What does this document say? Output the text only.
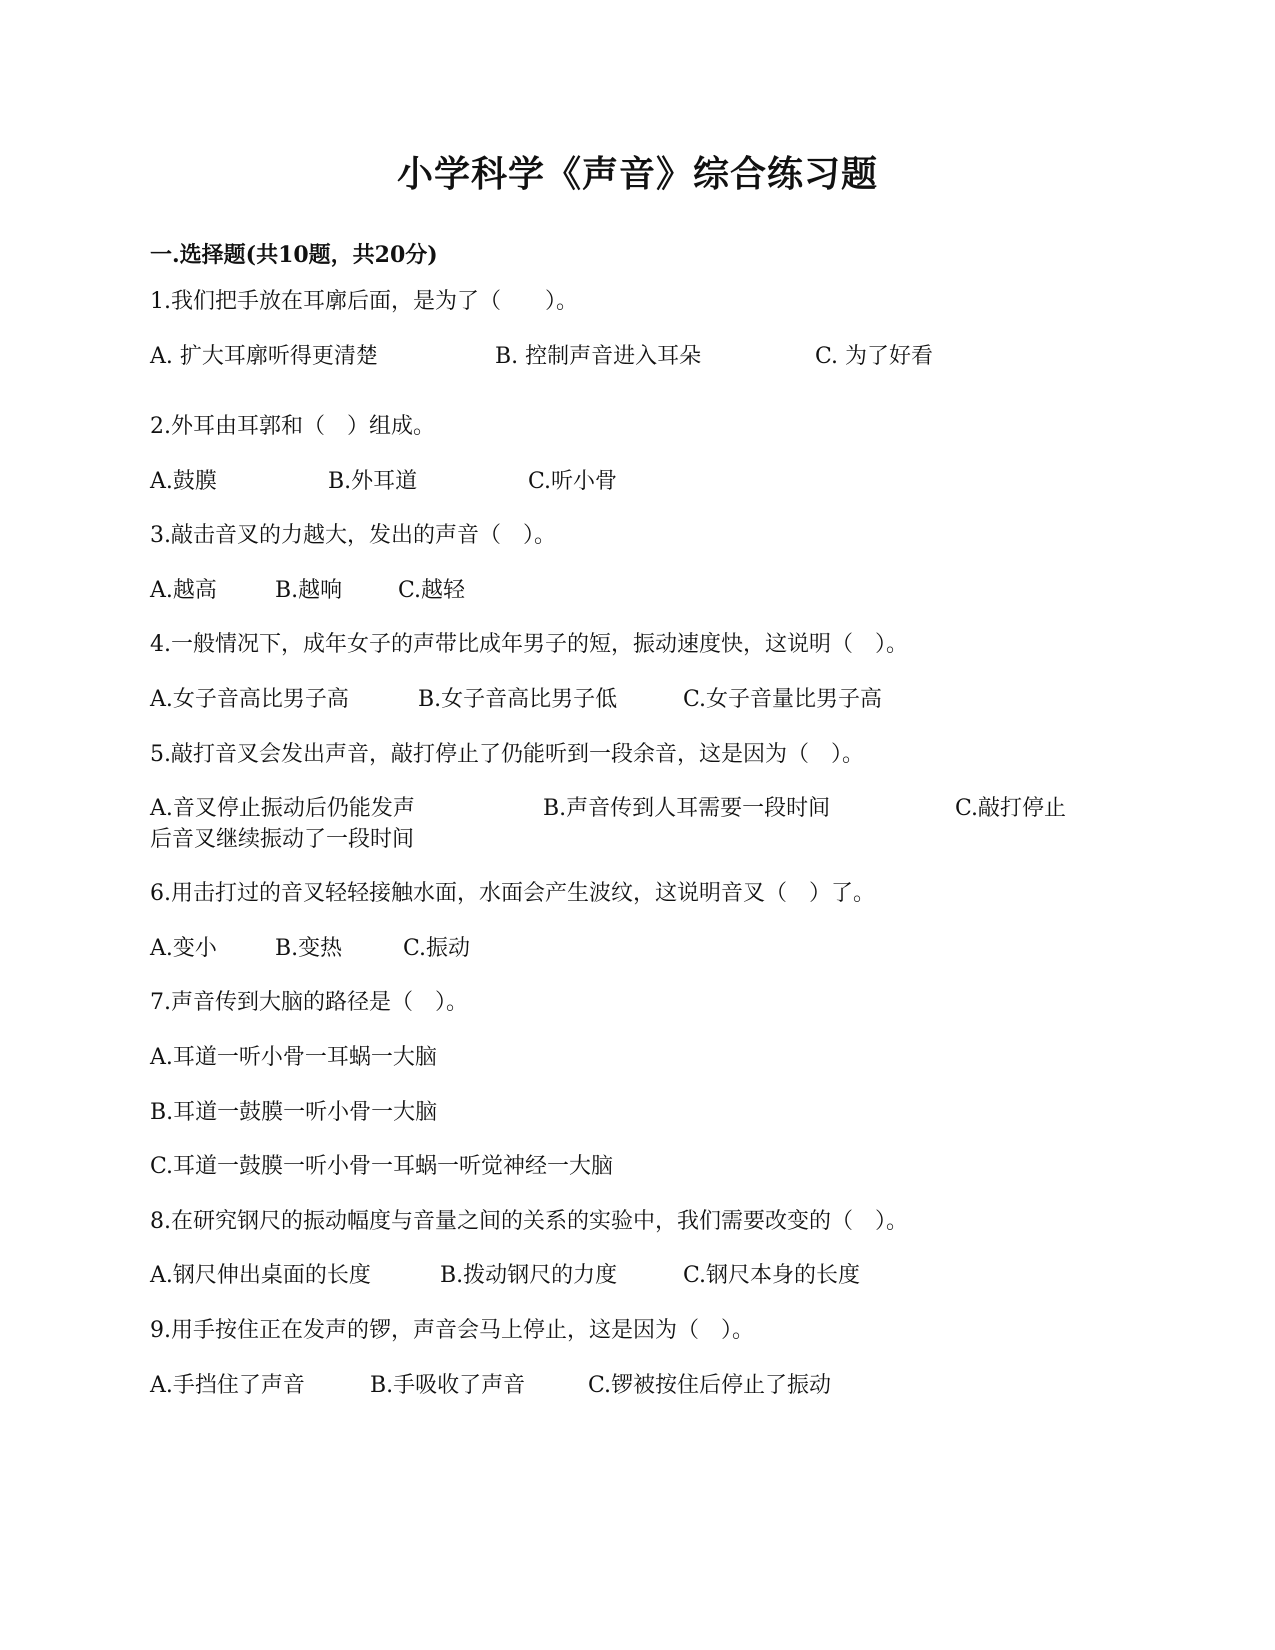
小学科学《声音》综合练习题
一.选择题(共10题，共20分)
1.我们把手放在耳廓后面，是为了（　　）。
A. 扩大耳廓听得更清楚	B. 控制声音进入耳朵	C. 为了好看
2.外耳由耳郭和（　）组成。
A.鼓膜	B.外耳道	C.听小骨
3.敲击音叉的力越大，发出的声音（　）。
A.越高	B.越响	C.越轻
4.一般情况下，成年女子的声带比成年男子的短，振动速度快，这说明（　）。
A.女子音高比男子高	B.女子音高比男子低	C.女子音量比男子高
5.敲打音叉会发出声音，敲打停止了仍能听到一段余音，这是因为（　）。
A.音叉停止振动后仍能发声	B.声音传到人耳需要一段时间	C.敲打停止
后音叉继续振动了一段时间
6.用击打过的音叉轻轻接触水面，水面会产生波纹，这说明音叉（　）了。
A.变小	B.变热	C.振动
7.声音传到大脑的路径是（　）。
A.耳道一听小骨一耳蜗一大脑
B.耳道一鼓膜一听小骨一大脑
C.耳道一鼓膜一听小骨一耳蜗一听觉神经一大脑
8.在研究钢尺的振动幅度与音量之间的关系的实验中，我们需要改变的（　）。
A.钢尺伸出桌面的长度	B.拨动钢尺的力度	C.钢尺本身的长度
9.用手按住正在发声的锣，声音会马上停止，这是因为（　）。
A.手挡住了声音	B.手吸收了声音	C.锣被按住后停止了振动
